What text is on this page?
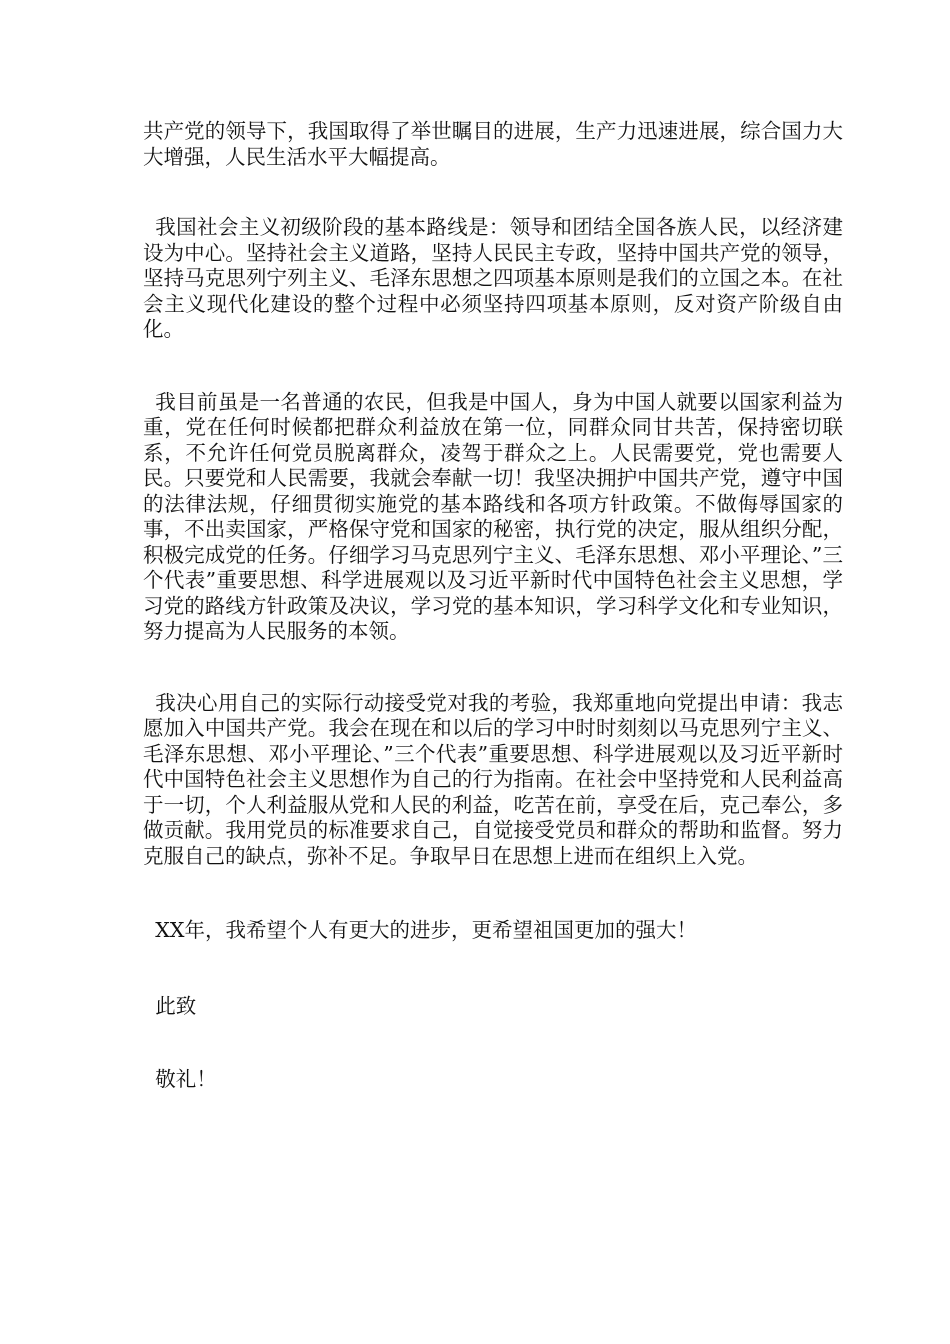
共产党的领导下，我国取得了举世瞩目的进展，生产力迅速进展，综合国力大大增强，人民生活水平大幅提高。

我国社会主义初级阶段的基本路线是：领导和团结全国各族人民，以经济建设为中心。坚持社会主义道路，坚持人民民主专政，坚持中国共产党的领导，坚持马克思列宁列主义、毛泽东思想之四项基本原则是我们的立国之本。在社会主义现代化建设的整个过程中必须坚持四项基本原则，反对资产阶级自由化。

我目前虽是一名普通的农民，但我是中国人，身为中国人就要以国家利益为重，党在任何时候都把群众利益放在第一位，同群众同甘共苦，保持密切联系，不允许任何党员脱离群众，凌驾于群众之上。人民需要党，党也需要人民。只要党和人民需要，我就会奉献一切！我坚决拥护中国共产党，遵守中国的法律法规，仔细贯彻实施党的基本路线和各项方针政策。不做侮辱国家的事，不出卖国家，严格保守党和国家的秘密，执行党的决定，服从组织分配，积极完成党的任务。仔细学习马克思列宁主义、毛泽东思想、邓小平理论、”三个代表”重要思想、科学进展观以及习近平新时代中国特色社会主义思想，学习党的路线方针政策及决议，学习党的基本知识，学习科学文化和专业知识，努力提高为人民服务的本领。

我决心用自己的实际行动接受党对我的考验，我郑重地向党提出申请：我志愿加入中国共产党。我会在现在和以后的学习中时时刻刻以马克思列宁主义、毛泽东思想、邓小平理论、”三个代表”重要思想、科学进展观以及习近平新时代中国特色社会主义思想作为自己的行为指南。在社会中坚持党和人民利益高于一切，个人利益服从党和人民的利益，吃苦在前，享受在后，克己奉公，多做贡献。我用党员的标准要求自己，自觉接受党员和群众的帮助和监督。努力克服自己的缺点，弥补不足。争取早日在思想上进而在组织上入党。

XX年，我希望个人有更大的进步，更希望祖国更加的强大！

此致

敬礼！
